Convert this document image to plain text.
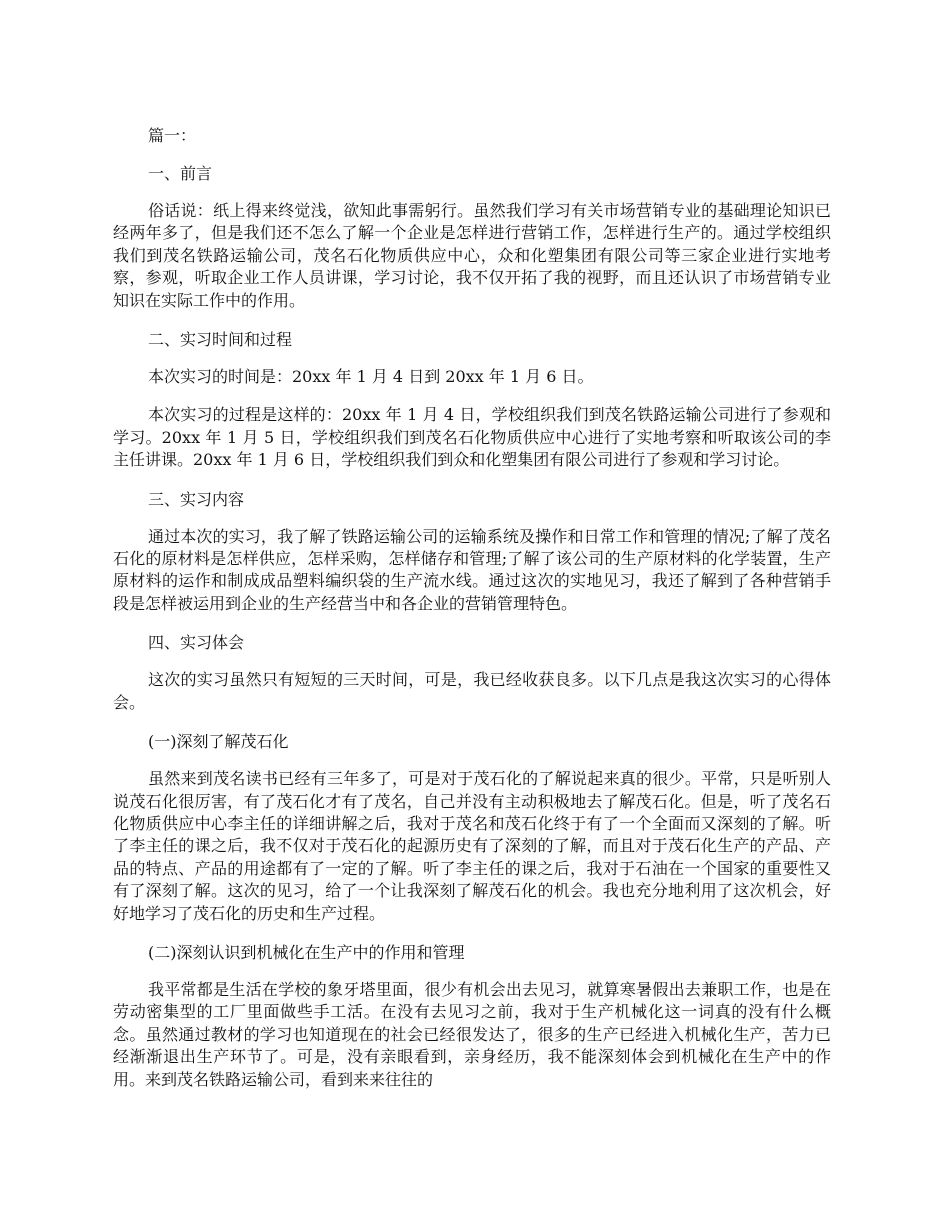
篇一：

一、前言

俗话说：纸上得来终觉浅，欲知此事需躬行。虽然我们学习有关市场营销专业的基础理论知识已经两年多了，但是我们还不怎么了解一个企业是怎样进行营销工作，怎样进行生产的。通过学校组织我们到茂名铁路运输公司，茂名石化物质供应中心，众和化塑集团有限公司等三家企业进行实地考察，参观，听取企业工作人员讲课，学习讨论，我不仅开拓了我的视野，而且还认识了市场营销专业知识在实际工作中的作用。

二、实习时间和过程

本次实习的时间是：20xx 年 1 月 4 日到 20xx 年 1 月 6 日。

本次实习的过程是这样的：20xx 年 1 月 4 日，学校组织我们到茂名铁路运输公司进行了参观和学习。20xx 年 1 月 5 日，学校组织我们到茂名石化物质供应中心进行了实地考察和听取该公司的李主任讲课。20xx 年 1 月 6 日，学校组织我们到众和化塑集团有限公司进行了参观和学习讨论。

三、实习内容

通过本次的实习，我了解了铁路运输公司的运输系统及操作和日常工作和管理的情况;了解了茂名石化的原材料是怎样供应，怎样采购，怎样储存和管理;了解了该公司的生产原材料的化学装置，生产原材料的运作和制成成品塑料编织袋的生产流水线。通过这次的实地见习，我还了解到了各种营销手段是怎样被运用到企业的生产经营当中和各企业的营销管理特色。

四、实习体会

这次的实习虽然只有短短的三天时间，可是，我已经收获良多。以下几点是我这次实习的心得体会。

(一)深刻了解茂石化

虽然来到茂名读书已经有三年多了，可是对于茂石化的了解说起来真的很少。平常，只是听别人说茂石化很厉害，有了茂石化才有了茂名，自己并没有主动积极地去了解茂石化。但是，听了茂名石化物质供应中心李主任的详细讲解之后，我对于茂名和茂石化终于有了一个全面而又深刻的了解。听了李主任的课之后，我不仅对于茂石化的起源历史有了深刻的了解，而且对于茂石化生产的产品、产品的特点、产品的用途都有了一定的了解。听了李主任的课之后，我对于石油在一个国家的重要性又有了深刻了解。这次的见习，给了一个让我深刻了解茂石化的机会。我也充分地利用了这次机会，好好地学习了茂石化的历史和生产过程。

(二)深刻认识到机械化在生产中的作用和管理

我平常都是生活在学校的象牙塔里面，很少有机会出去见习，就算寒暑假出去兼职工作，也是在劳动密集型的工厂里面做些手工活。在没有去见习之前，我对于生产机械化这一词真的没有什么概念。虽然通过教材的学习也知道现在的社会已经很发达了，很多的生产已经进入机械化生产，苦力已经渐渐退出生产环节了。可是，没有亲眼看到，亲身经历，我不能深刻体会到机械化在生产中的作用。来到茂名铁路运输公司，看到来来往往的
